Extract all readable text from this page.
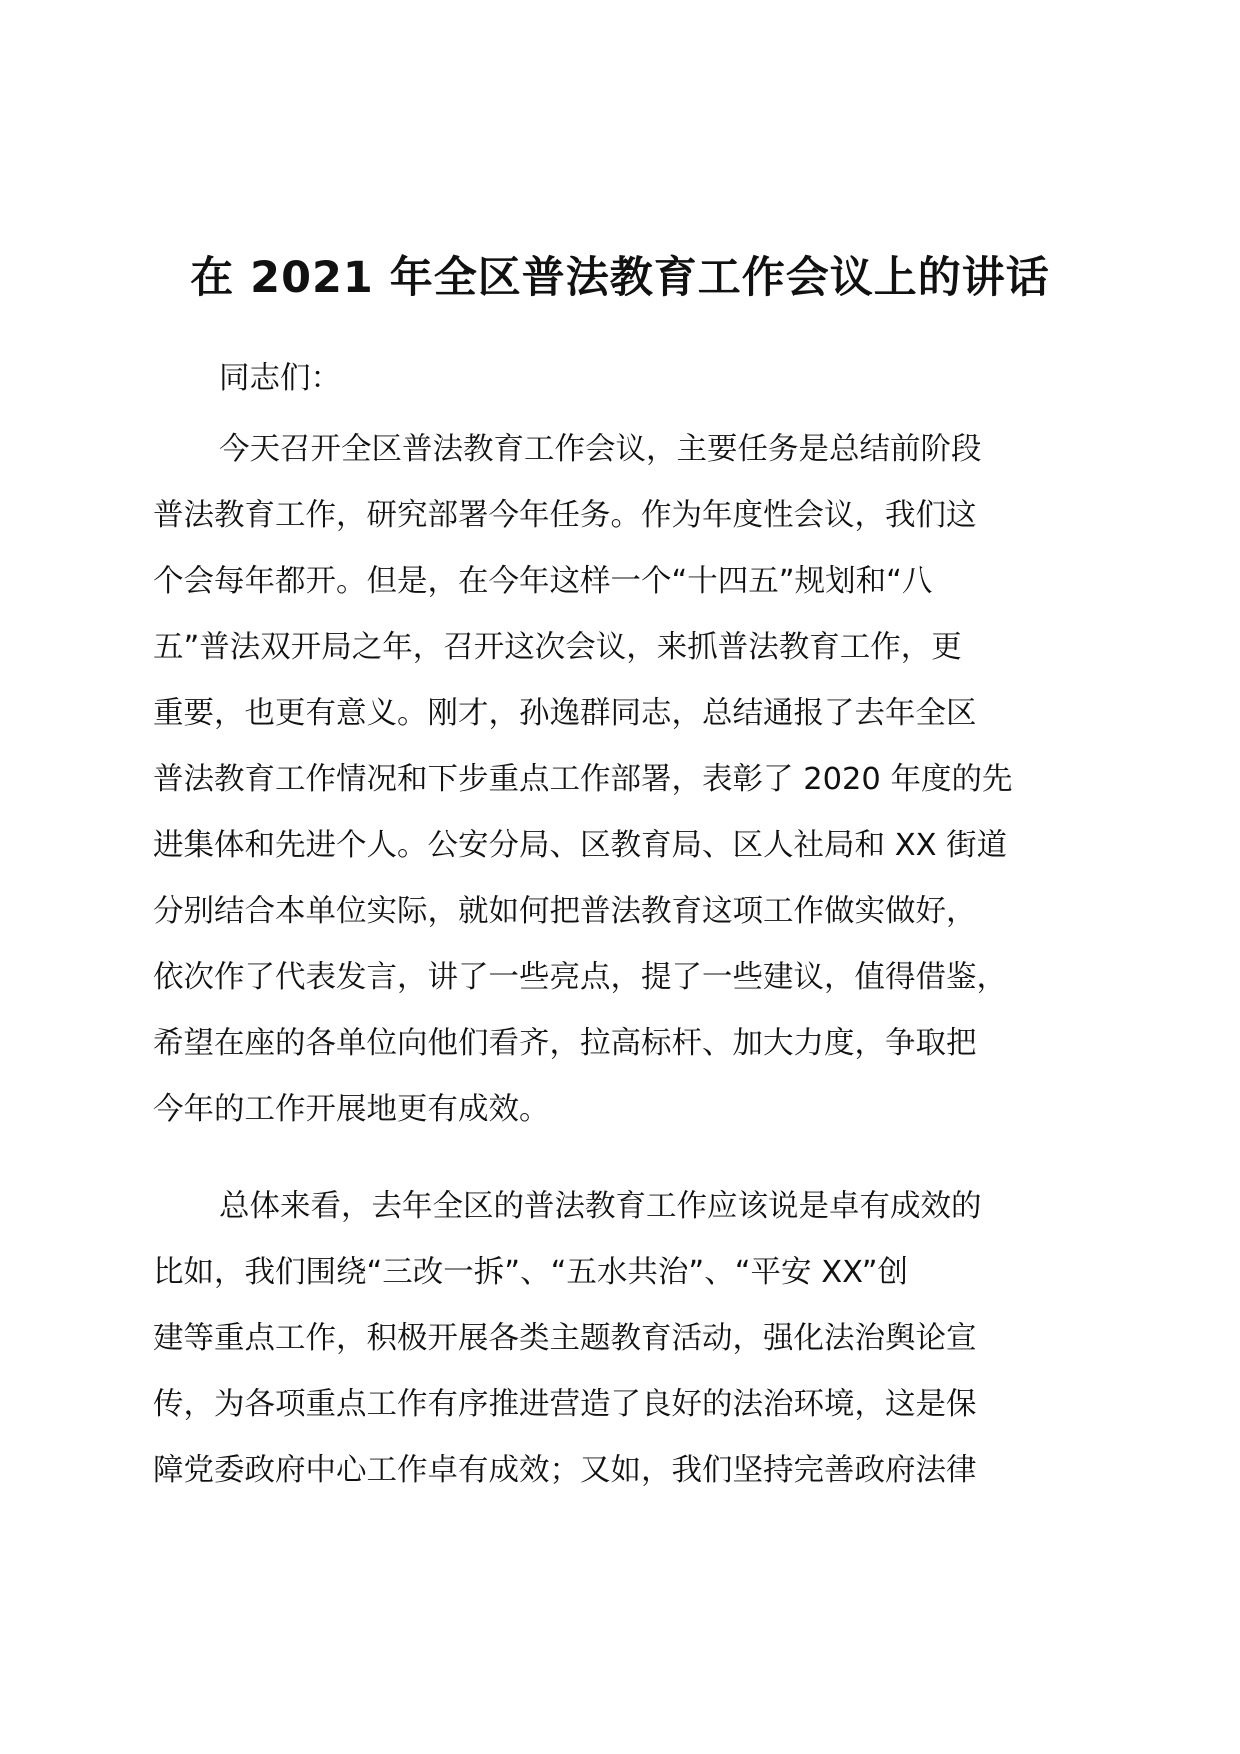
在 2021 年全区普法教育工作会议上的讲话
同志们：
今天召开全区普法教育工作会议，主要任务是总结前阶段
普法教育工作，研究部署今年任务。作为年度性会议，我们这
个会每年都开。但是，在今年这样一个“十四五”规划和“八
五”普法双开局之年，召开这次会议，来抓普法教育工作，更
重要，也更有意义。刚才，孙逸群同志，总结通报了去年全区
普法教育工作情况和下步重点工作部署，表彰了 2020 年度的先
进集体和先进个人。公安分局、区教育局、区人社局和 XX 街道
分别结合本单位实际，就如何把普法教育这项工作做实做好，
依次作了代表发言，讲了一些亮点，提了一些建议，值得借鉴，
希望在座的各单位向他们看齐，拉高标杆、加大力度，争取把
今年的工作开展地更有成效。
总体来看，去年全区的普法教育工作应该说是卓有成效的
比如，我们围绕“三改一拆”、“五水共治”、“平安 XX”创
建等重点工作，积极开展各类主题教育活动，强化法治舆论宣
传，为各项重点工作有序推进营造了良好的法治环境，这是保
障党委政府中心工作卓有成效；又如，我们坚持完善政府法律
